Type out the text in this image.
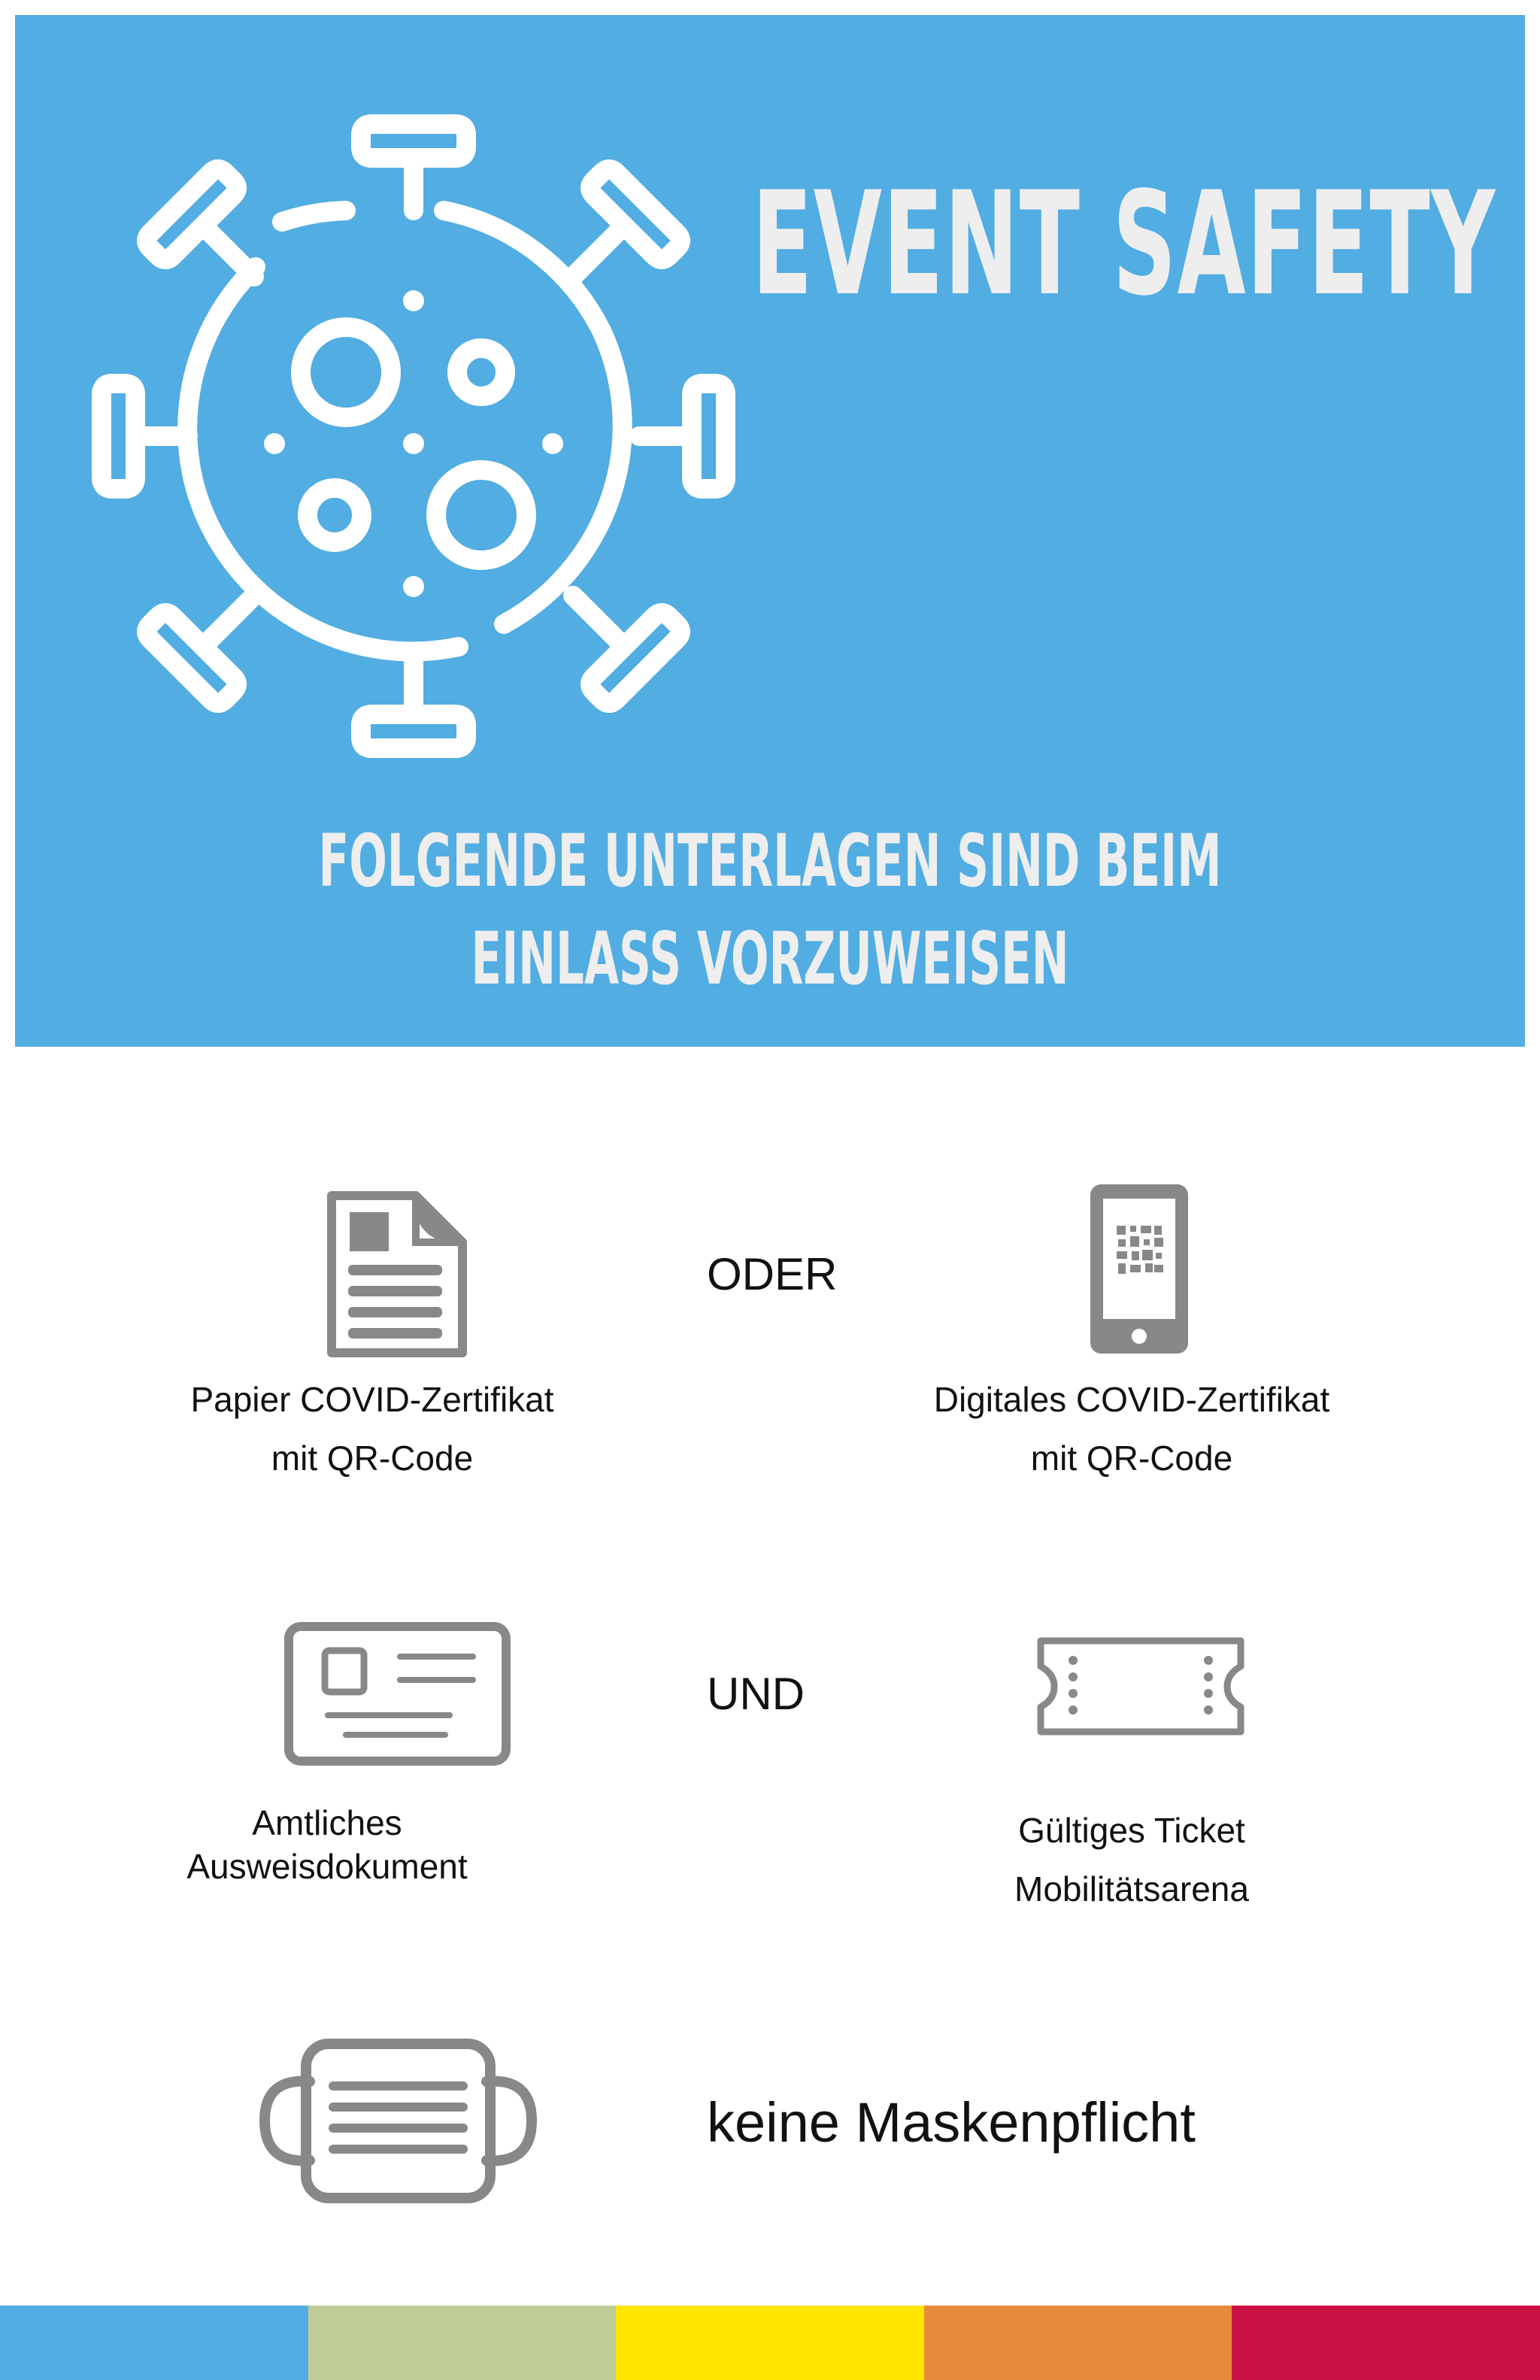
EVENT SAFETY
FOLGENDE UNTERLAGEN SIND BEIM
EINLASS VORZUWEISEN
ODER
Papier COVID-Zertifikat
mit QR-Code
Digitales COVID-Zertifikat
mit QR-Code
UND
Amtliches
Ausweisdokument
Gültiges Ticket
Mobilitätsarena
keine Maskenpflicht
